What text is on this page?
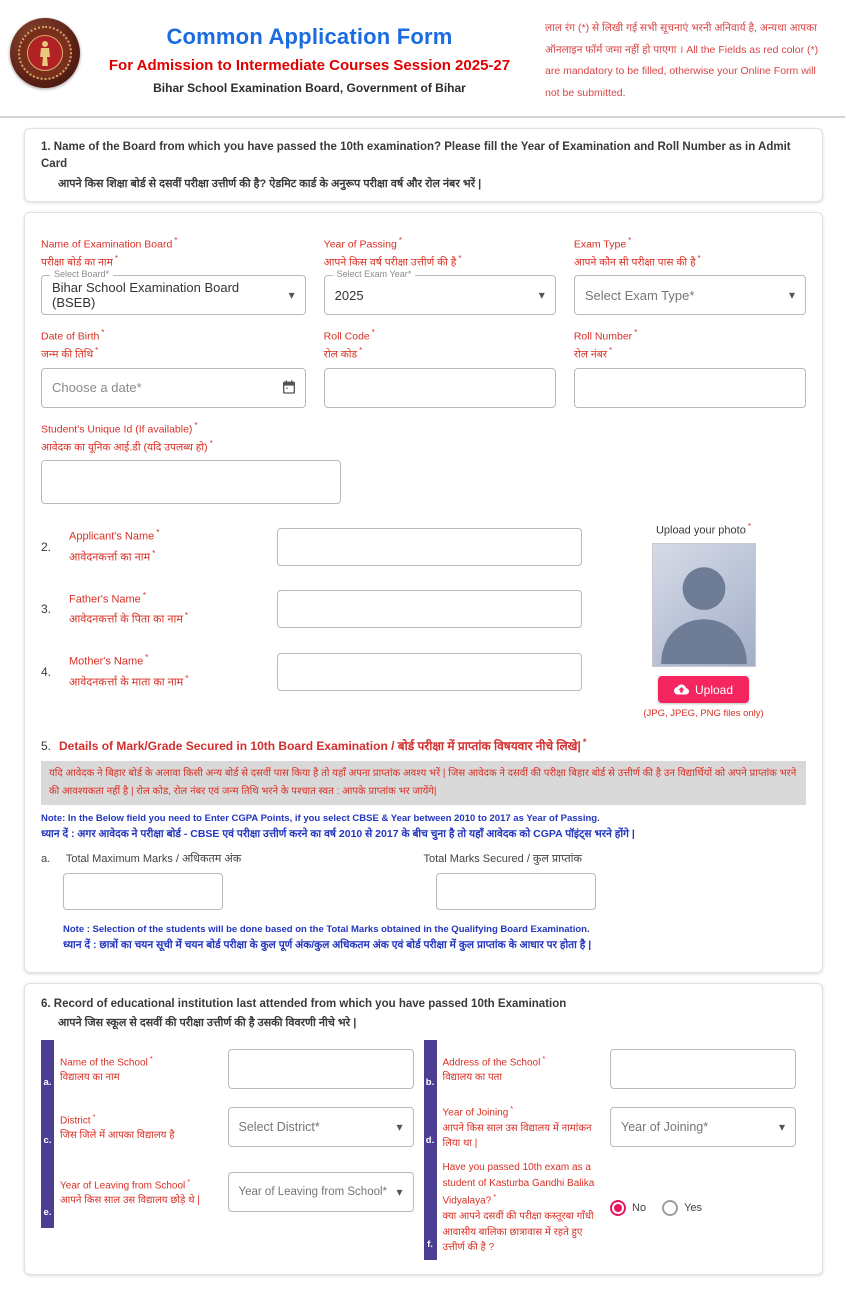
Common Application Form
For Admission to Intermediate Courses Session 2025-27
Bihar School Examination Board, Government of Bihar
लाल रंग (*) से लिखी गई सभी सूचनाएं भरनी अनिवार्य है, अन्यथा आपका ऑनलाइन फॉर्म जमा नहीं हो पाएगा । All the Fields as red color (*) are mandatory to be filled, otherwise your Online Form will not be submitted.
1. Name of the Board from which you have passed the 10th examination? Please fill the Year of Examination and Roll Number as in Admit Card
आपने किस शिक्षा बोर्ड से दसवीं परीक्षा उत्तीर्ण की है? ऐडमिट कार्ड के अनुरूप परीक्षा वर्ष और रोल नंबर भरें |
Name of Examination Board *
परीक्षा बोर्ड का नाम *
Select Board*
Bihar School Examination Board (BSEB)	▾
Year of Passing *
आपने किस वर्ष परीक्षा उत्तीर्ण की है *
Select Exam Year*
2025	▾
Exam Type *
आपने कौन सी परीक्षा पास की है *
Select Exam Type*	▾
Date of Birth *
जन्म की तिथि *
Choose a date*
Roll Code *
रोल कोड *
Roll Number *
रोल नंबर *
Student's Unique Id (If available) *
आवेदक का यूनिक आई.डी (यदि उपलब्ध हो) *
2.
Applicant's Name *
आवेदनकर्त्ता का नाम *
3.
Father's Name *
आवेदनकर्त्ता के पिता का नाम *
4.
Mother's Name *
आवेदनकर्त्ता के माता का नाम *
Upload your photo *
Upload
(JPG, JPEG, PNG files only)
5. Details of Mark/Grade Secured in 10th Board Examination / बोर्ड परीक्षा में प्राप्तांक विषयवार नीचे लिखे| *
यदि आवेदक ने बिहार बोर्ड के अलावा किसी अन्य बोर्ड से दसवीं पास किया है तो यहाँ अपना प्राप्तांक अवश्य भरें | जिस आवेदक ने दसवीं की परीक्षा बिहार बोर्ड से उत्तीर्ण की है उन विद्यार्थियों को अपने प्राप्तांक भरने की आवश्यकता नहीं है | रोल कोड, रोल नंबर एवं जन्म तिथि भरने के पश्चात स्वत : आपके प्राप्तांक भर जायेंगे|
Note: In the Below field you need to Enter CGPA Points, if you select CBSE & Year between 2010 to 2017 as Year of Passing.
ध्यान दें : अगर आवेदक ने परीक्षा बोर्ड - CBSE एवं परीक्षा उत्तीर्ण करने का वर्ष 2010 से 2017 के बीच चुना है तो यहाँ आवेदक को CGPA पॉइंट्स भरने होंगे |
a. Total Maximum Marks / अधिकतम अंक	Total Marks Secured / कुल प्राप्तांक
Note : Selection of the students will be done based on the Total Marks obtained in the Qualifying Board Examination.
ध्यान दें : छात्रों का चयन सूची में चयन बोर्ड परीक्षा के कुल पूर्ण अंक/कुल अधिकतम अंक एवं बोर्ड परीक्षा में कुल प्राप्तांक के आधार पर होता है |
6. Record of educational institution last attended from which you have passed 10th Examination
आपने जिस स्कूल से दसवीं की परीक्षा उत्तीर्ण की है उसकी विवरणी नीचे भरे |
a.
Name of the School *
विद्यालय का नाम
c.
District *
जिस जिले में आपका विद्यालय है
Select District*	▾
e.
Year of Leaving from School *
आपने किस साल उस विद्यालय छोड़े थे |
Year of Leaving from School* ▾
b.
Address of the School *
विद्यालय का पता
d.
Year of Joining *
आपने किस साल उस विद्यालय में नामांकन लिया था |
Year of Joining*	▾
f.
Have you passed 10th exam as a student of Kasturba Gandhi Balika Vidyalaya? *
क्या आपने दसवीं की परीक्षा कस्तूरबा गाँधी आवासीय बालिका छात्रावास में रहते हुए उत्तीर्ण की है ?
No	Yes
